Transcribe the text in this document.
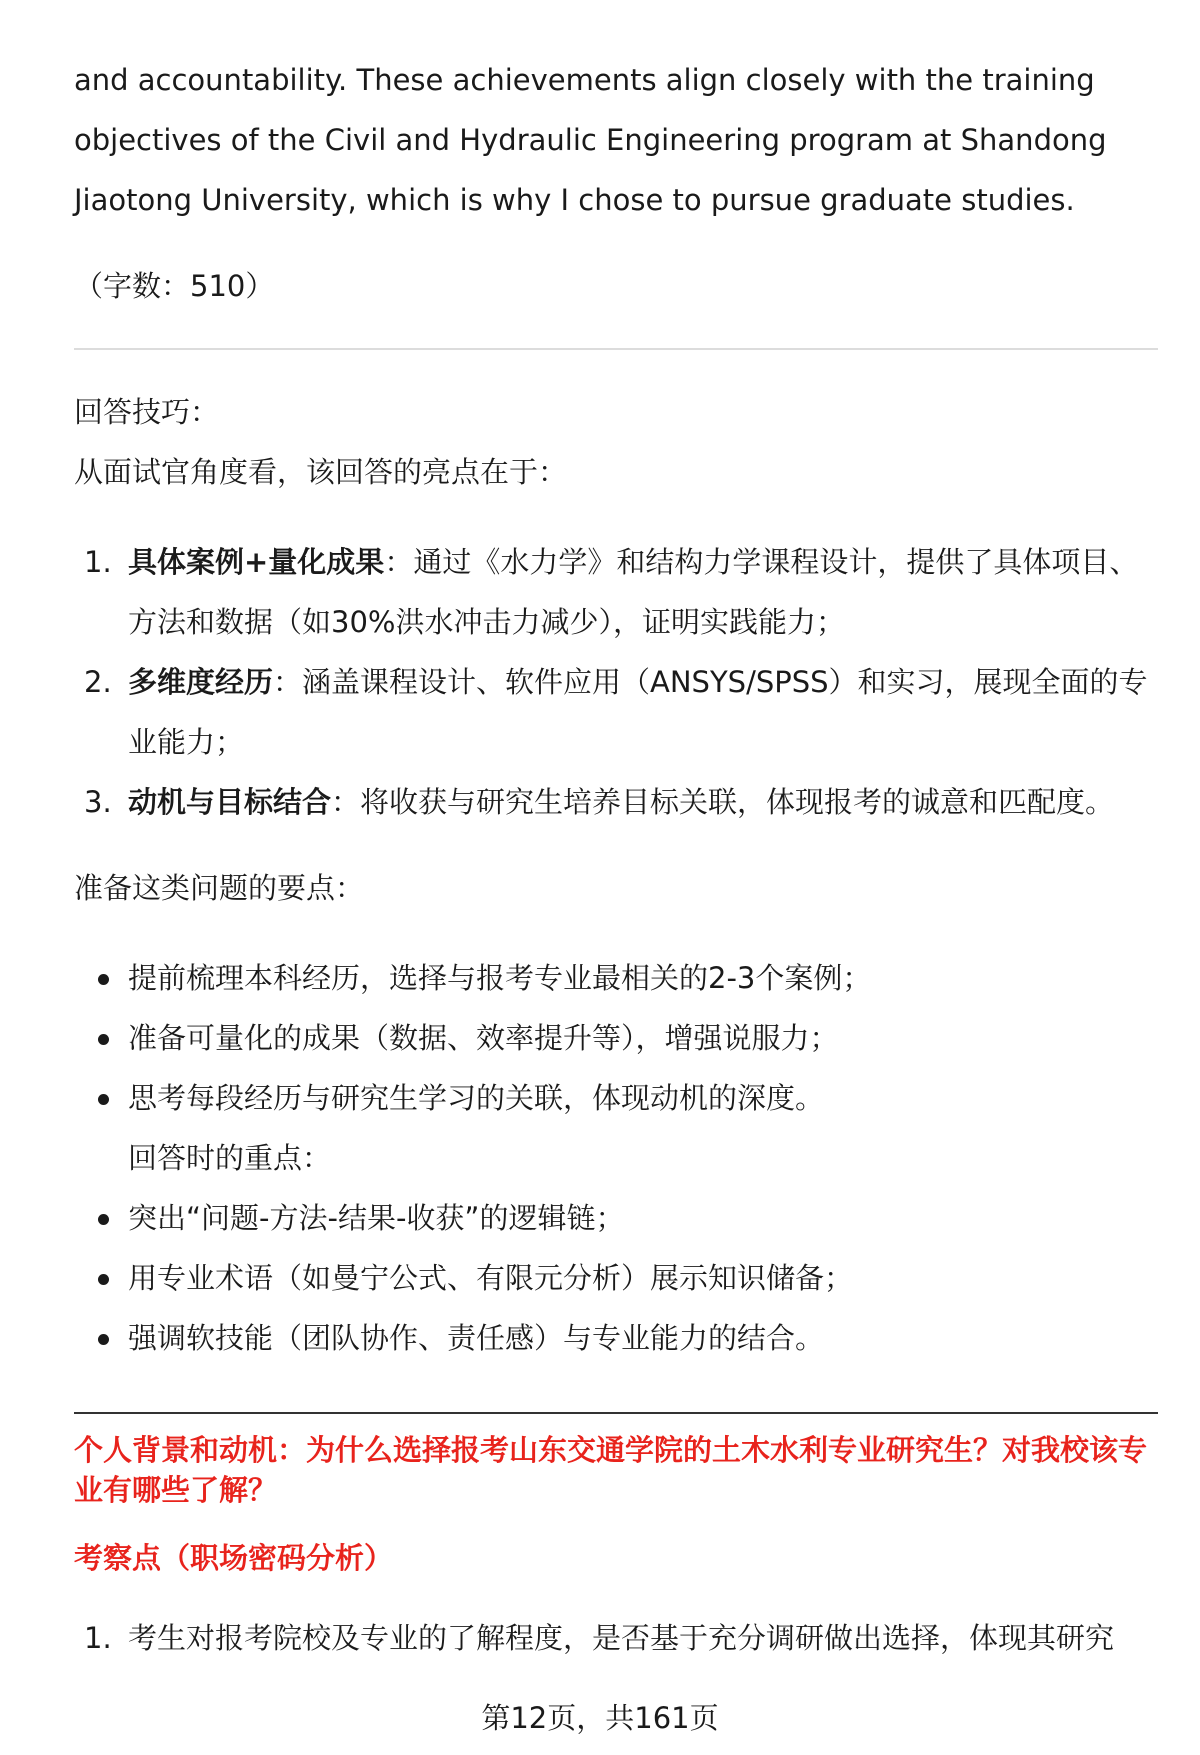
and accountability. These achievements align closely with the training objectives of the Civil and Hydraulic Engineering program at Shandong Jiaotong University, which is why I chose to pursue graduate studies.

（字数：510）

回答技巧：

从面试官角度看，该回答的亮点在于：

1. 具体案例+量化成果：通过《水力学》和结构力学课程设计，提供了具体项目、方法和数据（如30%洪水冲击力减少），证明实践能力；
2. 多维度经历：涵盖课程设计、软件应用（ANSYS/SPSS）和实习，展现全面的专业能力；
3. 动机与目标结合：将收获与研究生培养目标关联，体现报考的诚意和匹配度。

准备这类问题的要点：

提前梳理本科经历，选择与报考专业最相关的2-3个案例；
准备可量化的成果（数据、效率提升等），增强说服力；
思考每段经历与研究生学习的关联，体现动机的深度。

回答时的重点：

突出“问题-方法-结果-收获”的逻辑链；
用专业术语（如曼宁公式、有限元分析）展示知识储备；
强调软技能（团队协作、责任感）与专业能力的结合。

个人背景和动机：为什么选择报考山东交通学院的土木水利专业研究生？对我校该专业有哪些了解？

考察点（职场密码分析）

1. 考生对报考院校及专业的了解程度，是否基于充分调研做出选择，体现其研究
第12页，共161页
